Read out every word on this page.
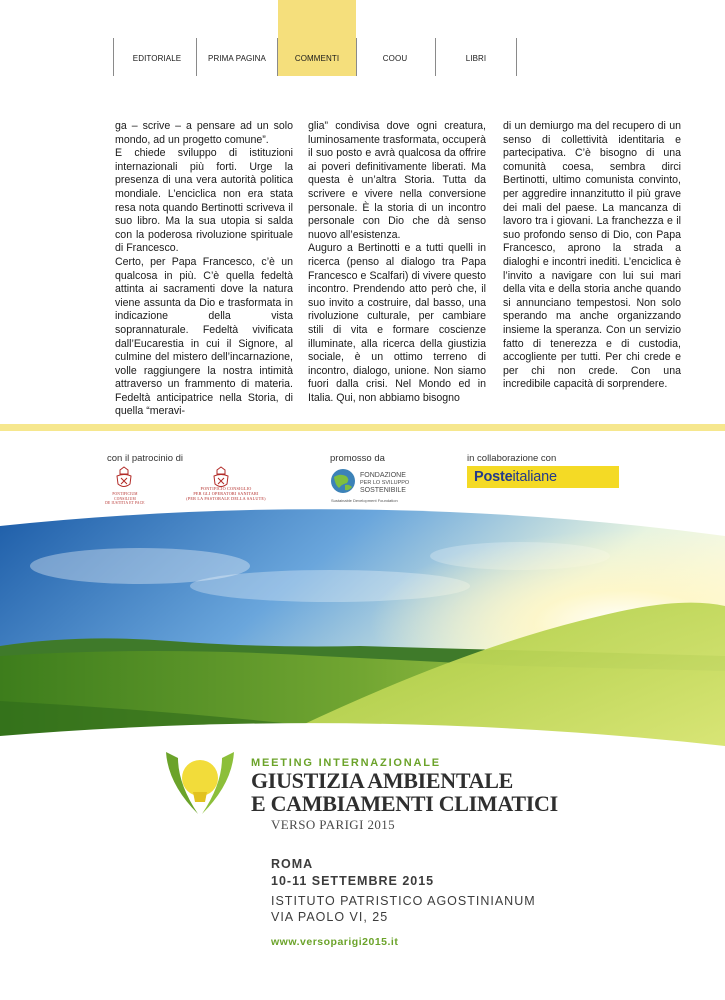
EDITORIALE	PRIMA PAGINA	COMMENTI	COOU	LIBRI

ga – scrive – a pensare ad un solo mondo, ad un progetto comune”.

E chiede sviluppo di istituzioni internazionali più forti. Urge la presenza di una vera autorità politica mondiale. L’enciclica non era stata resa nota quando Bertinotti scriveva il suo libro. Ma la sua utopia si salda con la poderosa rivoluzione spirituale di Francesco.

Certo, per Papa Francesco, c’è un qualcosa in più. C’è quella fedeltà attinta ai sacramenti dove la natura viene assunta da Dio e trasformata in indicazione della vista soprannaturale. Fedeltà vivificata dall’Eucarestia in cui il Signore, al culmine del mistero dell’incarnazione, volle raggiungere la nostra intimità attraverso un frammento di materia. Fedeltà anticipatrice nella Storia, di quella “meravi-

glia” condivisa dove ogni creatura, luminosamente trasformata, occuperà il suo posto e avrà qualcosa da offrire ai poveri definitivamente liberati. Ma questa è un’altra Storia. Tutta da scrivere e vivere nella conversione personale. È la storia di un incontro personale con Dio che dà senso nuovo all’esistenza.

Auguro a Bertinotti e a tutti quelli in ricerca (penso al dialogo tra Papa Francesco e Scalfari) di vivere questo incontro. Prendendo atto però che, il suo invito a costruire, dal basso, una rivoluzione culturale, per cambiare stili di vita e formare coscienze illuminate, alla ricerca della giustizia sociale, è un ottimo terreno di incontro, dialogo, unione. Non siamo fuori dalla crisi. Nel Mondo ed in Italia. Qui, non abbiamo bisogno

di un demiurgo ma del recupero di un senso di collettività identitaria e partecipativa. C’è bisogno di una comunità coesa, sembra dirci Bertinotti, ultimo comunista convinto, per aggredire innanzitutto il più grave dei mali del paese. La mancanza di lavoro tra i giovani. La franchezza e il suo profondo senso di Dio, con Papa Francesco, aprono la strada a dialoghi e incontri inediti. L’enciclica è l’invito a navigare con lui sui mari della vita e della storia anche quando si annunciano tempestosi. Non solo sperando ma anche organizzando insieme la speranza. Con un servizio fatto di tenerezza e di custodia, accogliente per tutti. Per chi crede e per chi non crede. Con una incredibile capacità di sorprendere.

con il patrocinio di	promosso da	in collaborazione con
PONTIFICIUM
PONTIFICIO CONSIGLIO
PER GLI OPERATORI SANITARI
FONDAZIONE
PER LO SVILUPPO
SOSTENIBILE
Posteitaliane
MEETING INTERNAZIONALE
GIUSTIZIA AMBIENTALE
E CAMBIAMENTI CLIMATICI
VERSO PARIGI 2015
ROMA
10-11 SETTEMBRE 2015
ISTITUTO PATRISTICO AGOSTINIANUM
VIA PAOLO VI, 25
www.versoparigi2015.it
